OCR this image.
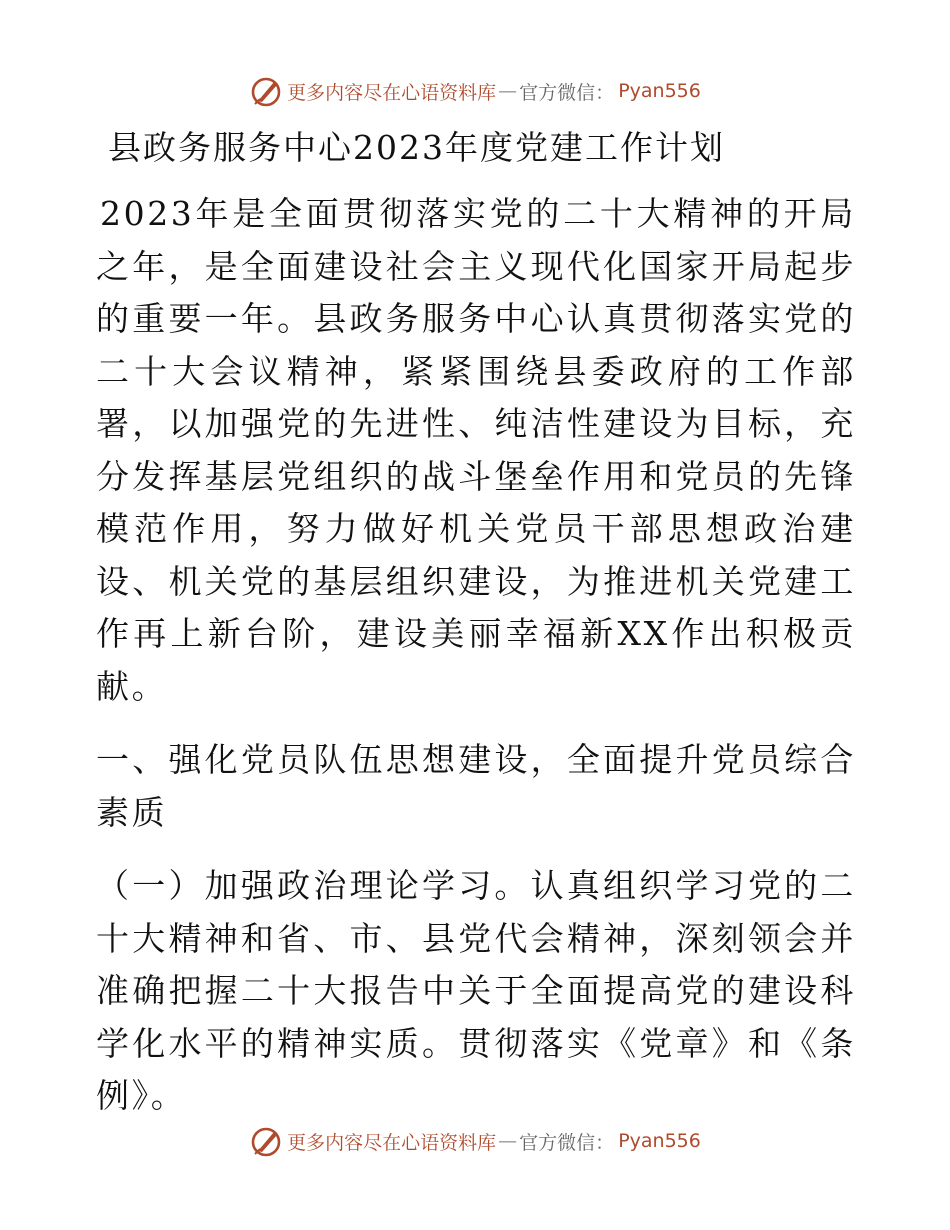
更多内容尽在心语资料库 — 官方微信： Pyan556
县政务服务中心2023年度党建工作计划
2023年是全面贯彻落实党的二十大精神的开局之年，是全面建设社会主义现代化国家开局起步的重要一年。县政务服务中心认真贯彻落实党的二十大会议精神，紧紧围绕县委政府的工作部署，以加强党的先进性、纯洁性建设为目标，充分发挥基层党组织的战斗堡垒作用和党员的先锋模范作用，努力做好机关党员干部思想政治建设、机关党的基层组织建设，为推进机关党建工作再上新台阶，建设美丽幸福新XX作出积极贡献。
一、强化党员队伍思想建设，全面提升党员综合素质
（一）加强政治理论学习。认真组织学习党的二十大精神和省、市、县党代会精神，深刻领会并准确把握二十大报告中关于全面提高党的建设科学化水平的精神实质。贯彻落实《党章》和《条例》。
更多内容尽在心语资料库 — 官方微信： Pyan556
